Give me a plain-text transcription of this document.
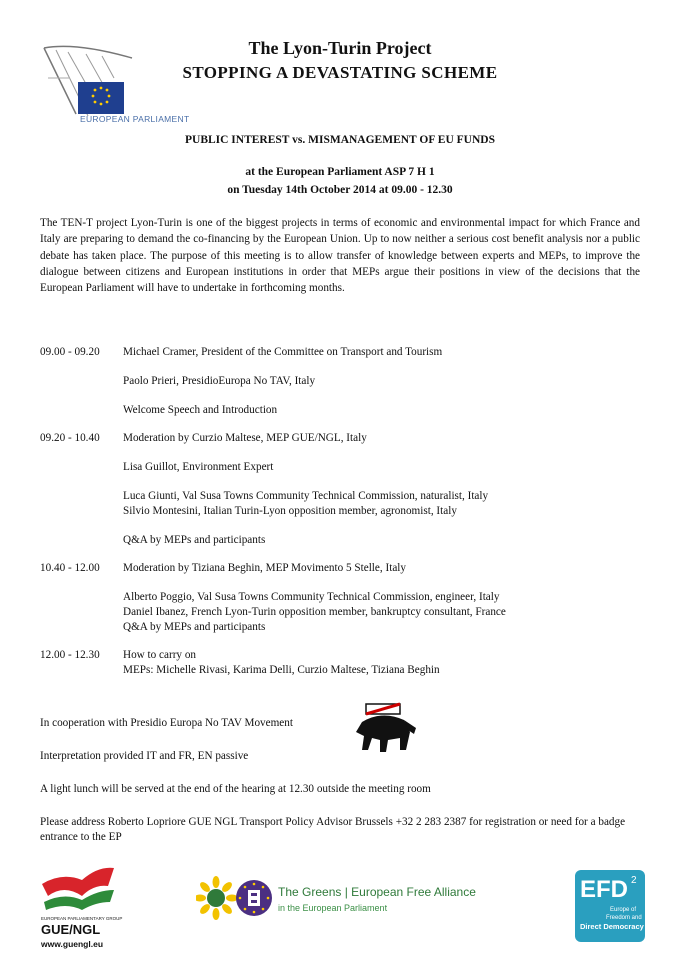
EUROPEAN PARLIAMENT
The Lyon-Turin Project
STOPPING A DEVASTATING SCHEME
PUBLIC INTEREST vs. MISMANAGEMENT OF EU FUNDS
at the European Parliament ASP 7 H 1
on Tuesday 14th October 2014 at 09.00 - 12.30

The TEN-T project Lyon-Turin is one of the biggest projects in terms of economic and environmental impact for which France and Italy are preparing to demand the co-financing by the European Union. Up to now neither a serious cost benefit analysis nor a public debate has taken place. The purpose of this meeting is to allow transfer of knowledge between experts and MEPs, to improve the dialogue between citizens and European institutions in order that MEPs argue their positions in view of the decisions that the European Parliament will have to undertake in forthcoming months.

09.00 - 09.20	Michael Cramer, President of the Committee on Transport and Tourism
Paolo Prieri, PresidioEuropa No TAV, Italy
Welcome Speech and Introduction
09.20 - 10.40	Moderation by Curzio Maltese, MEP GUE/NGL, Italy
Lisa Guillot, Environment Expert
Luca Giunti, Val Susa Towns Community Technical Commission, naturalist, Italy
Silvio Montesini, Italian Turin-Lyon opposition member, agronomist, Italy
Q&A by MEPs and participants
10.40 - 12.00	Moderation by Tiziana Beghin, MEP Movimento 5 Stelle, Italy
Alberto Poggio, Val Susa Towns Community Technical Commission, engineer, Italy
Daniel Ibanez, French Lyon-Turin opposition member, bankruptcy consultant, France
Q&A by MEPs and participants
12.00 - 12.30	How to carry on
MEPs: Michelle Rivasi, Karima Delli, Curzio Maltese, Tiziana Beghin
In cooperation with Presidio Europa No TAV Movement
Interpretation provided IT and FR, EN passive
A light lunch will be served at the end of the hearing at 12.30 outside the meeting room
Please address Roberto Lopriore GUE NGL Transport Policy Advisor Brussels +32 2 283 2387 for registration or need for a badge entrance to the EP
EUROPEAN PARLIAMENTARY GROUP
GUE/NGL
www.guengl.eu
The Greens | European Free Alliance
in the European Parliament
EFD 2
Europe of
Freedom and
Direct Democracy
